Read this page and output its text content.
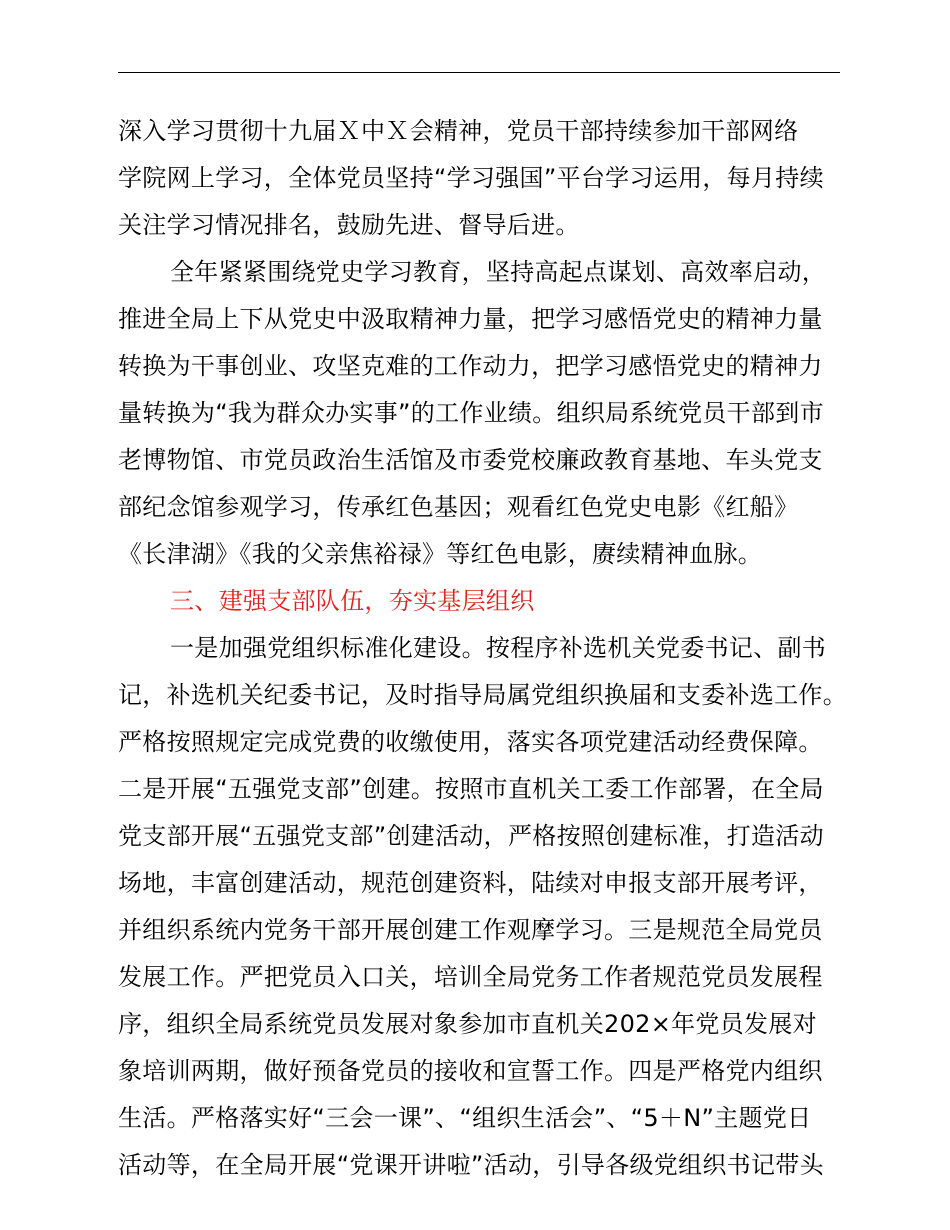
深入学习贯彻十九届Ｘ中Ｘ会精神，党员干部持续参加干部网络
学院网上学习，全体党员坚持“学习强国”平台学习运用，每月持续
关注学习情况排名，鼓励先进、督导后进。
全年紧紧围绕党史学习教育，坚持高起点谋划、高效率启动，
推进全局上下从党史中汲取精神力量，把学习感悟党史的精神力量
转换为干事创业、攻坚克难的工作动力，把学习感悟党史的精神力
量转换为“我为群众办实事”的工作业绩。组织局系统党员干部到市
老博物馆、市党员政治生活馆及市委党校廉政教育基地、车头党支
部纪念馆参观学习，传承红色基因；观看红色党史电影《红船》
《长津湖》《我的父亲焦裕禄》等红色电影，赓续精神血脉。
三、建强支部队伍，夯实基层组织
一是加强党组织标准化建设。按程序补选机关党委书记、副书
记，补选机关纪委书记，及时指导局属党组织换届和支委补选工作。
严格按照规定完成党费的收缴使用，落实各项党建活动经费保障。
二是开展“五强党支部”创建。按照市直机关工委工作部署，在全局
党支部开展“五强党支部”创建活动，严格按照创建标准，打造活动
场地，丰富创建活动，规范创建资料，陆续对申报支部开展考评，
并组织系统内党务干部开展创建工作观摩学习。三是规范全局党员
发展工作。严把党员入口关，培训全局党务工作者规范党员发展程
序，组织全局系统党员发展对象参加市直机关202×年党员发展对
象培训两期，做好预备党员的接收和宣誓工作。四是严格党内组织
生活。严格落实好“三会一课”、“组织生活会”、“5＋N”主题党日
活动等，在全局开展“党课开讲啦”活动，引导各级党组织书记带头
